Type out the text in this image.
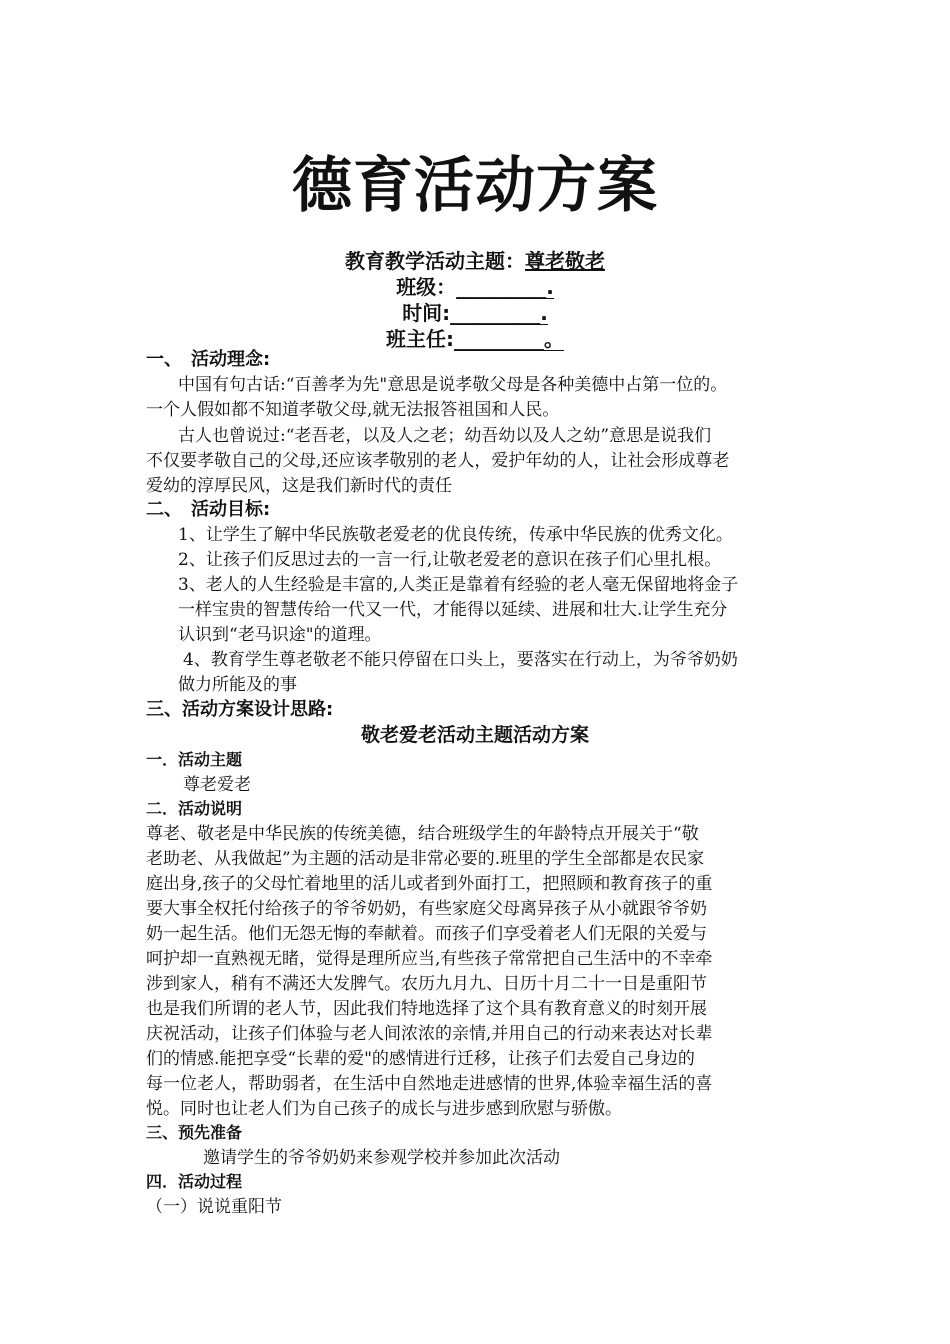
德育活动方案
教育教学活动主题：尊老敬老
班级：_________.
时间:_________.
班主任:_________。
一、　活动理念:
中国有句古话:“百善孝为先"意思是说孝敬父母是各种美德中占第一位的。
一个人假如都不知道孝敬父母,就无法报答祖国和人民。
古人也曾说过:“老吾老，以及人之老；幼吾幼以及人之幼”意思是说我们
不仅要孝敬自己的父母,还应该孝敬别的老人，爱护年幼的人，让社会形成尊老
爱幼的淳厚民风，这是我们新时代的责任
二、　活动目标:
1、让学生了解中华民族敬老爱老的优良传统，传承中华民族的优秀文化。
2、让孩子们反思过去的一言一行,让敬老爱老的意识在孩子们心里扎根。
3、老人的人生经验是丰富的,人类正是靠着有经验的老人毫无保留地将金子
一样宝贵的智慧传给一代又一代，才能得以延续、进展和壮大.让学生充分
认识到“老马识途"的道理。
4、教育学生尊老敬老不能只停留在口头上，要落实在行动上，为爷爷奶奶
做力所能及的事
三、活动方案设计思路:
敬老爱老活动主题活动方案
一．活动主题
尊老爱老
二．活动说明
尊老、敬老是中华民族的传统美德，结合班级学生的年龄特点开展关于“敬
老助老、从我做起”为主题的活动是非常必要的.班里的学生全部都是农民家
庭出身,孩子的父母忙着地里的活儿或者到外面打工，把照顾和教育孩子的重
要大事全权托付给孩子的爷爷奶奶，有些家庭父母离异孩子从小就跟爷爷奶
奶一起生活。他们无怨无悔的奉献着。而孩子们享受着老人们无限的关爱与
呵护却一直熟视无睹，觉得是理所应当,有些孩子常常把自己生活中的不幸牵
涉到家人，稍有不满还大发脾气。农历九月九、日历十月二十一日是重阳节
也是我们所谓的老人节，因此我们特地选择了这个具有教育意义的时刻开展
庆祝活动，让孩子们体验与老人间浓浓的亲情,并用自己的行动来表达对长辈
们的情感.能把享受“长辈的爱"的感情进行迁移，让孩子们去爱自己身边的
每一位老人，帮助弱者，在生活中自然地走进感情的世界,体验幸福生活的喜
悦。同时也让老人们为自己孩子的成长与进步感到欣慰与骄傲。
三、预先准备
邀请学生的爷爷奶奶来参观学校并参加此次活动
四．活动过程
（一）说说重阳节
